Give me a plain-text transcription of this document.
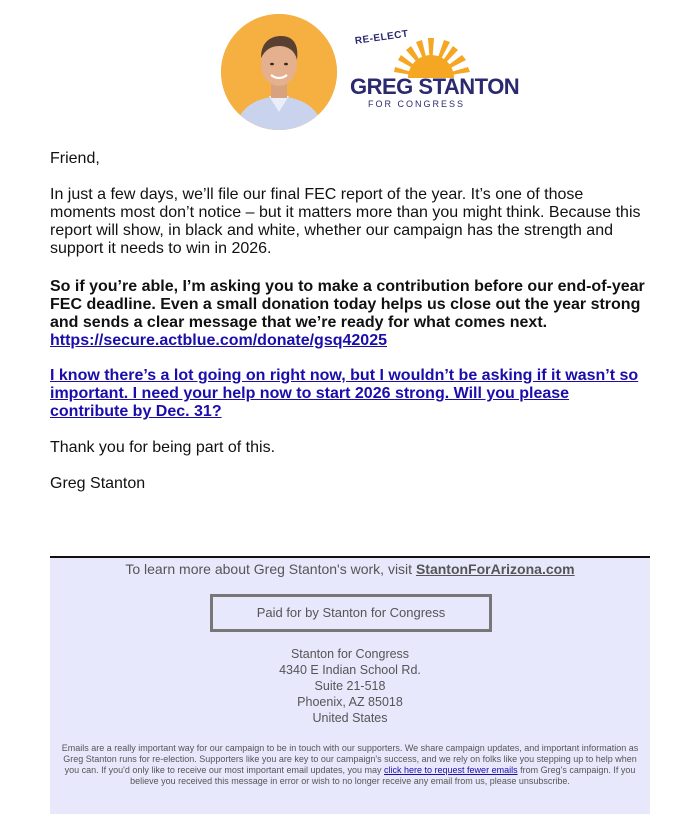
RE-ELECT
GREG STANTON
FOR CONGRESS

Friend,

In just a few days, we’ll file our final FEC report of the year. It’s one of those moments most don’t notice – but it matters more than you might think. Because this report will show, in black and white, whether our campaign has the strength and support it needs to win in 2026.

So if you’re able, I’m asking you to make a contribution before our end-of-year FEC deadline. Even a small donation today helps us close out the year strong and sends a clear message that we’re ready for what comes next.
https://secure.actblue.com/donate/gsq42025

I know there’s a lot going on right now, but I wouldn’t be asking if it wasn’t so important. I need your help now to start 2026 strong. Will you please contribute by Dec. 31?

Thank you for being part of this.

Greg Stanton

To learn more about Greg Stanton's work, visit StantonForArizona.com
Paid for by Stanton for Congress
Stanton for Congress
4340 E Indian School Rd.
Suite 21-518
Phoenix, AZ 85018
United States
Emails are a really important way for our campaign to be in touch with our supporters. We share campaign updates, and important information as Greg Stanton runs for re-election. Supporters like you are key to our campaign's success, and we rely on folks like you stepping up to help when you can. If you'd only like to receive our most important email updates, you may click here to request fewer emails from Greg's campaign. If you believe you received this message in error or wish to no longer receive any email from us, please unsubscribe.
